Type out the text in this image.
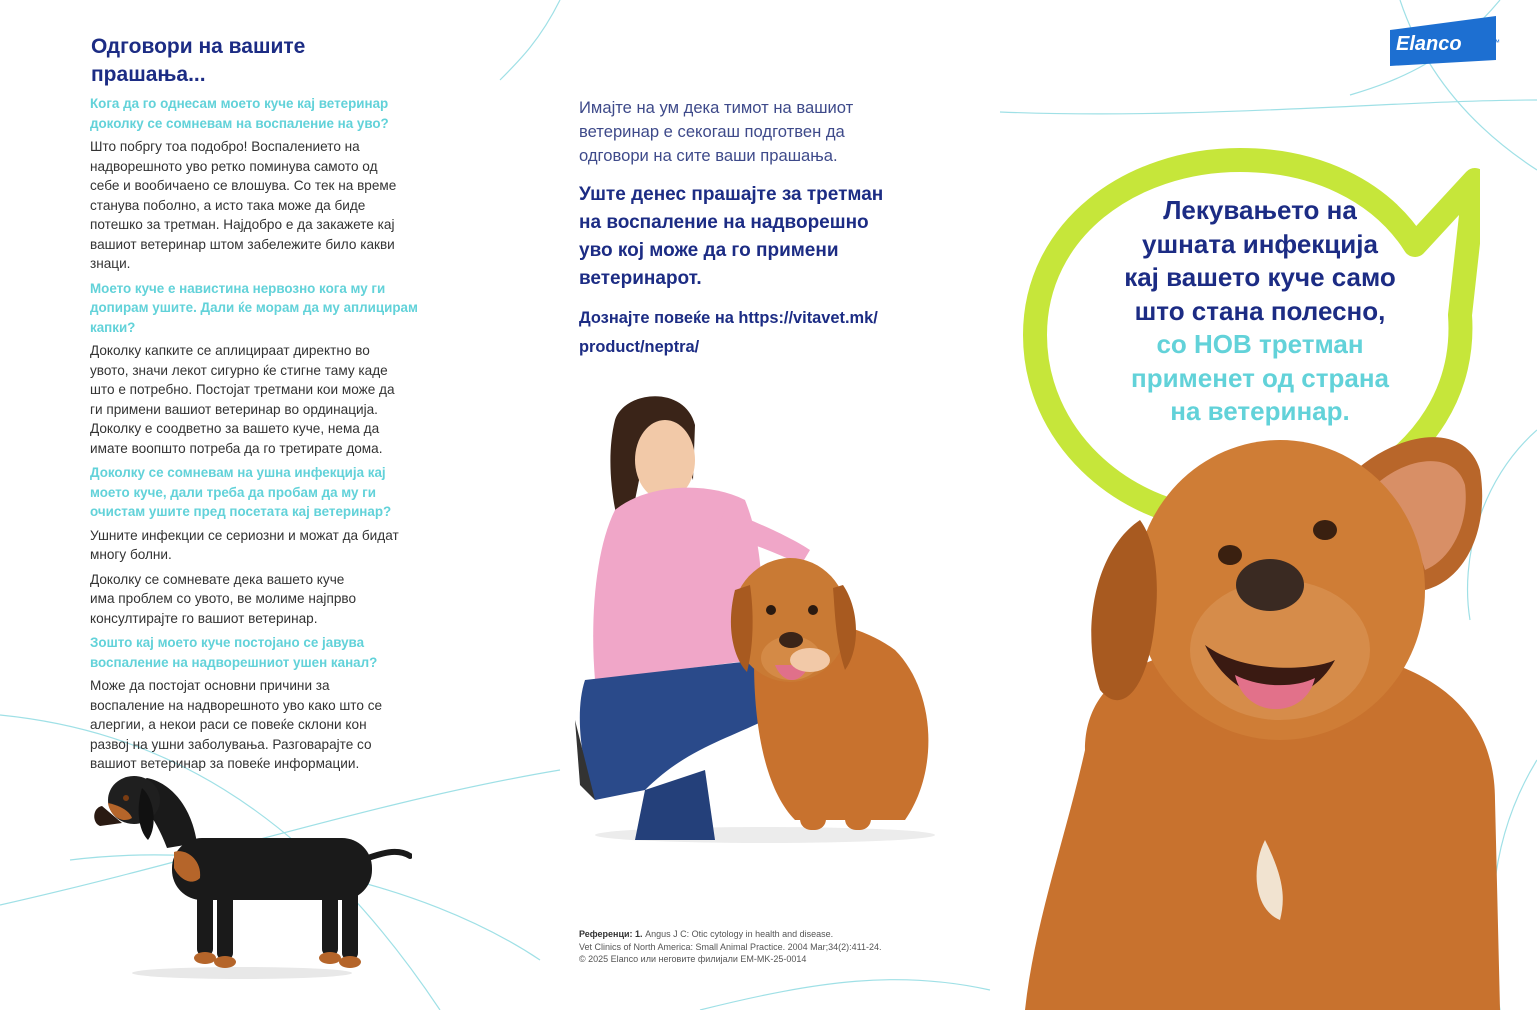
Одговори на вашите
прашања...

Кога да го однесам моето куче кај ветеринар
доколку се сомневам на воспаление на уво?

Што побргу тоа подобро! Воспалението на
надворешното уво ретко поминува самото од
себе и вообичаено се влошува. Со тек на време
станува поболно, а исто така може да биде
потешко за третман. Најдобро е да закажете кај
вашиот ветеринар штом забележите било какви
знаци.

Моето куче е навистина нервозно кога му ги
допирам ушите. Дали ќе морам да му аплицирам
капки?

Доколку капките се аплицираат директно во
увото, значи лекот сигурно ќе стигне таму каде
што е потребно. Постојат третмани кои може да
ги примени вашиот ветеринар во ординација.
Доколку е соодветно за вашето куче, нема да
имате воопшто потреба да го третирате дома.

Доколку се сомневам на ушна инфекција кај
моето куче, дали треба да пробам да му ги
очистам ушите пред посетата кај ветеринар?

Ушните инфекции се сериозни и можат да бидат
многу болни.

Доколку се сомневате дека вашето куче
има проблем со увото, ве молиме најпрво
консултирајте го вашиот ветеринар.

Зошто кај моето куче постојано се јавува
воспаление на надворешниот ушен канал?

Може да постојат основни причини за
воспаление на надворешното уво како што се
алергии, а некои раси се повеќе склони кон
развој на ушни заболувања. Разговарајте со
вашиот ветеринар за повеќе информации.

Имајте на ум дека тимот на вашиот
ветеринар е секогаш подготвен да
одговори на сите ваши прашања.

Уште денес прашајте за третман
на воспаление на надворешно
уво кој може да го примени
ветеринарот.

Дознајте повеќе на https://vitavet.mk/
product/neptra/

Референци: 1. Angus J C: Otic cytology in health and disease.
Vet Clinics of North America: Small Animal Practice. 2004 Mar;34(2):411-24.
© 2025 Elanco или неговите филијали EM-MK-25-0014

Лекувањето на
ушната инфекција
кај вашето куче само
што стана полесно,
со НОВ третман
применет од страна
на ветеринар.
Elanco	™
